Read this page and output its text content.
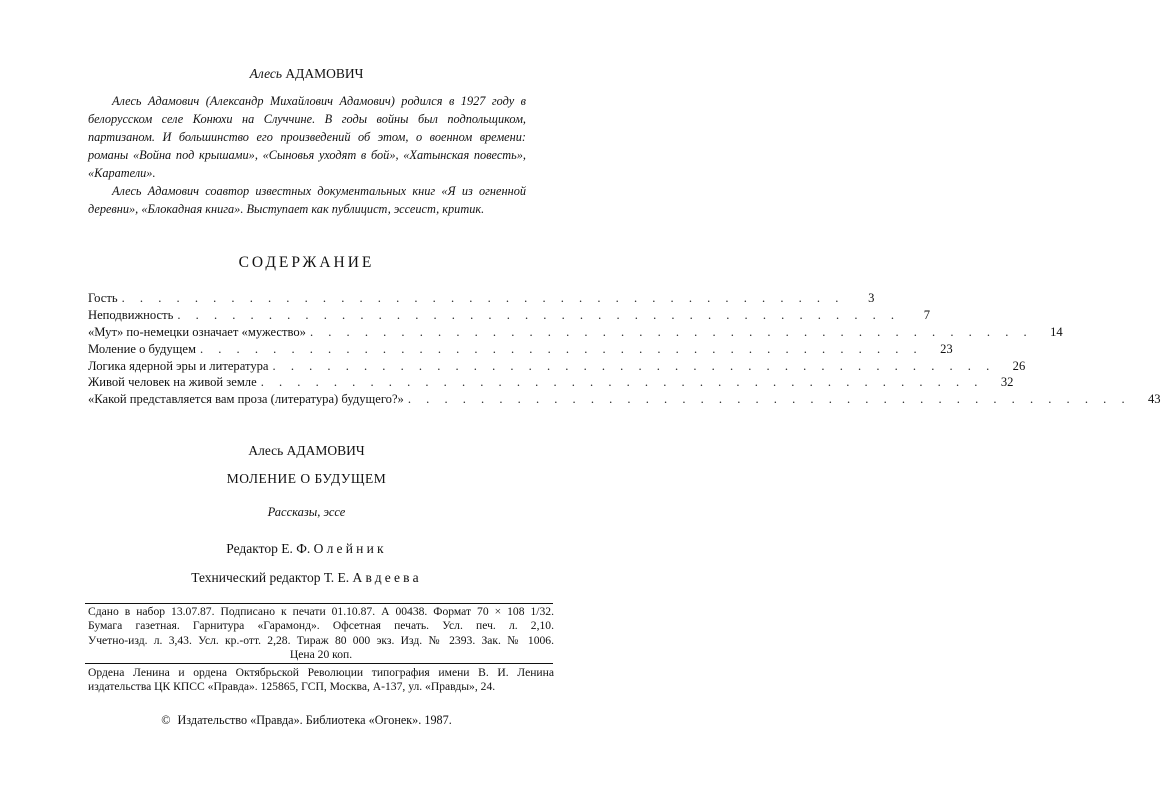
Алесь АДАМОВИЧ

Алесь Адамович (Александр Михайлович Адамович) родился в 1927 году в белорусском селе Конюхи на Случчине. В годы войны был подпольщиком, партизаном. И большинство его произведений об этом, о военном времени: романы «Война под крышами», «Сыновья уходят в бой», «Хатынская повесть», «Каратели».

Алесь Адамович соавтор известных документальных книг «Я из огненной деревни», «Блокадная книга». Выступает как публицист, эссеист, критик.

СОДЕРЖАНИЕ
Гость . . . . . . . . . . . . . . . . . . . . . . . . . . . . . . . . . . . . . . . .	3
Неподвижность . . . . . . . . . . . . . . . . . . . . . . . . . . . . . . . . . . . . . . . .	7
«Мут» по-немецки означает «мужество» . . . . . . . . . . . . . . . . . . . . . . . . . . . . . . . . . . . . . . . .	14
Моление о будущем . . . . . . . . . . . . . . . . . . . . . . . . . . . . . . . . . . . . . . . .	23
Логика ядерной эры и литература . . . . . . . . . . . . . . . . . . . . . . . . . . . . . . . . . . . . . . . .	26
Живой человек на живой земле . . . . . . . . . . . . . . . . . . . . . . . . . . . . . . . . . . . . . . . .	32
«Какой представляется вам проза (литература) будущего?» . . . . . . . . . . . . . . . . . . . . . . . . . . . . . . . . . . . . . . . .	43
Алесь АДАМОВИЧ
МОЛЕНИЕ О БУДУЩЕМ
Рассказы, эссе
Редактор Е. Ф. Олейник
Технический редактор Т. Е. Авдеева
Сдано в набор 13.07.87. Подписано к печати 01.10.87. А 00438. Формат 70 × 108 1/32.
Бумага газетная. Гарнитура «Гарамонд». Офсетная печать. Усл. печ. л. 2,10.
Учетно-изд. л. 3,43. Усл. кр.-отт. 2,28. Тираж 80 000 экз. Изд. № 2393. Зак. № 1006.
Цена 20 коп.
Ордена Ленина и ордена Октябрьской Революции типография имени В. И. Ленина издательства ЦК КПСС «Правда». 125865, ГСП, Москва, А-137, ул. «Правды», 24.
© Издательство «Правда». Библиотека «Огонек». 1987.
